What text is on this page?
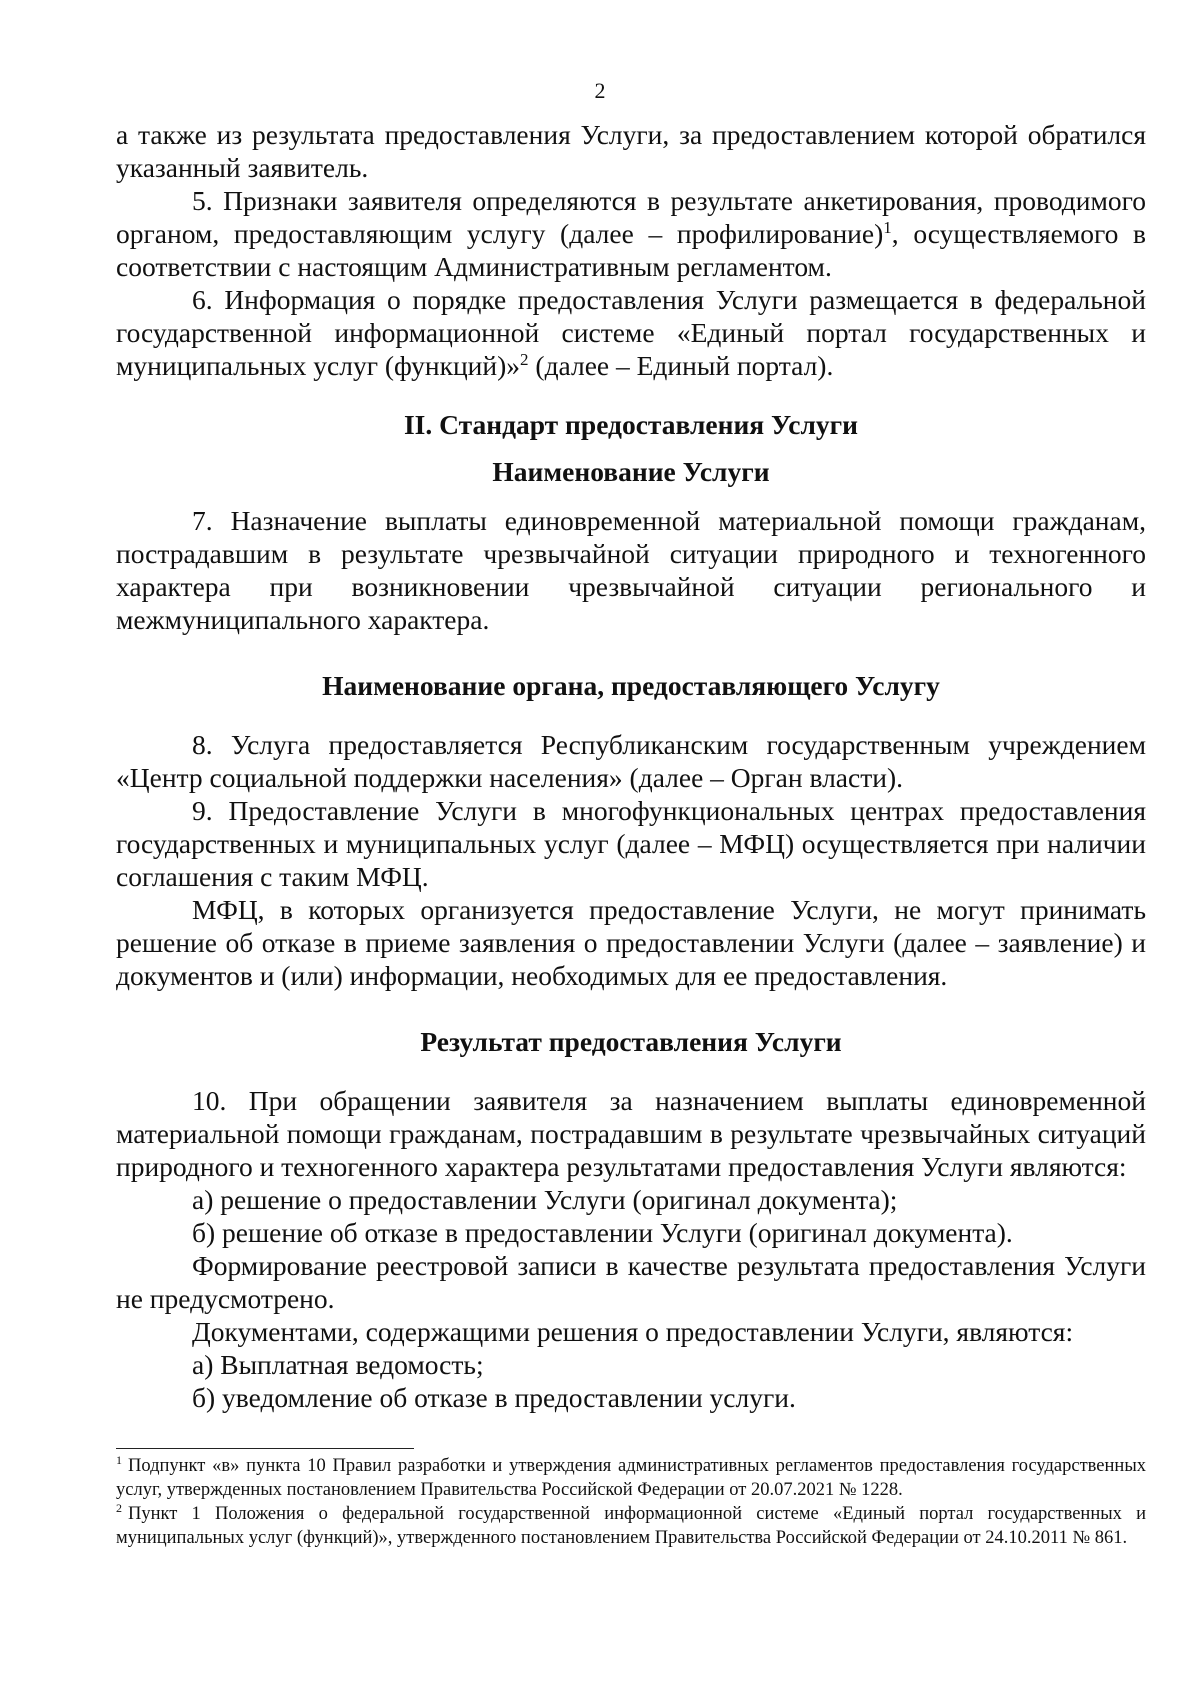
2

а также из результата предоставления Услуги, за предоставлением которой обратился указанный заявитель.

5. Признаки заявителя определяются в результате анкетирования, проводимого органом, предоставляющим услугу (далее – профилирование)$^1$, осуществляемого в соответствии с настоящим Административным регламентом.

6. Информация о порядке предоставления Услуги размещается в федеральной государственной информационной системе «Единый портал государственных и муниципальных услуг (функций)»$^2$ (далее – Единый портал).

II. Стандарт предоставления Услуги

Наименование Услуги

7. Назначение выплаты единовременной материальной помощи гражданам, пострадавшим в результате чрезвычайной ситуации природного и техногенного характера при возникновении чрезвычайной ситуации регионального и межмуниципального характера.

Наименование органа, предоставляющего Услугу

8. Услуга предоставляется Республиканским государственным учреждением «Центр социальной поддержки населения» (далее – Орган власти).

9. Предоставление Услуги в многофункциональных центрах предоставления государственных и муниципальных услуг (далее – МФЦ) осуществляется при наличии соглашения с таким МФЦ.

МФЦ, в которых организуется предоставление Услуги, не могут принимать решение об отказе в приеме заявления о предоставлении Услуги (далее – заявление) и документов и (или) информации, необходимых для ее предоставления.

Результат предоставления Услуги

10. При обращении заявителя за назначением выплаты единовременной материальной помощи гражданам, пострадавшим в результате чрезвычайных ситуаций природного и техногенного характера результатами предоставления Услуги являются:

а) решение о предоставлении Услуги (оригинал документа);

б) решение об отказе в предоставлении Услуги (оригинал документа).

Формирование реестровой записи в качестве результата предоставления Услуги не предусмотрено.

Документами, содержащими решения о предоставлении Услуги, являются:

а) Выплатная ведомость;

б) уведомление об отказе в предоставлении услуги.

$^1$ Подпункт «в» пункта 10 Правил разработки и утверждения административных регламентов предоставления государственных услуг, утвержденных постановлением Правительства Российской Федерации от 20.07.2021 № 1228.

$^2$ Пункт 1 Положения о федеральной государственной информационной системе «Единый портал государственных и муниципальных услуг (функций)», утвержденного постановлением Правительства Российской Федерации от 24.10.2011 № 861.
